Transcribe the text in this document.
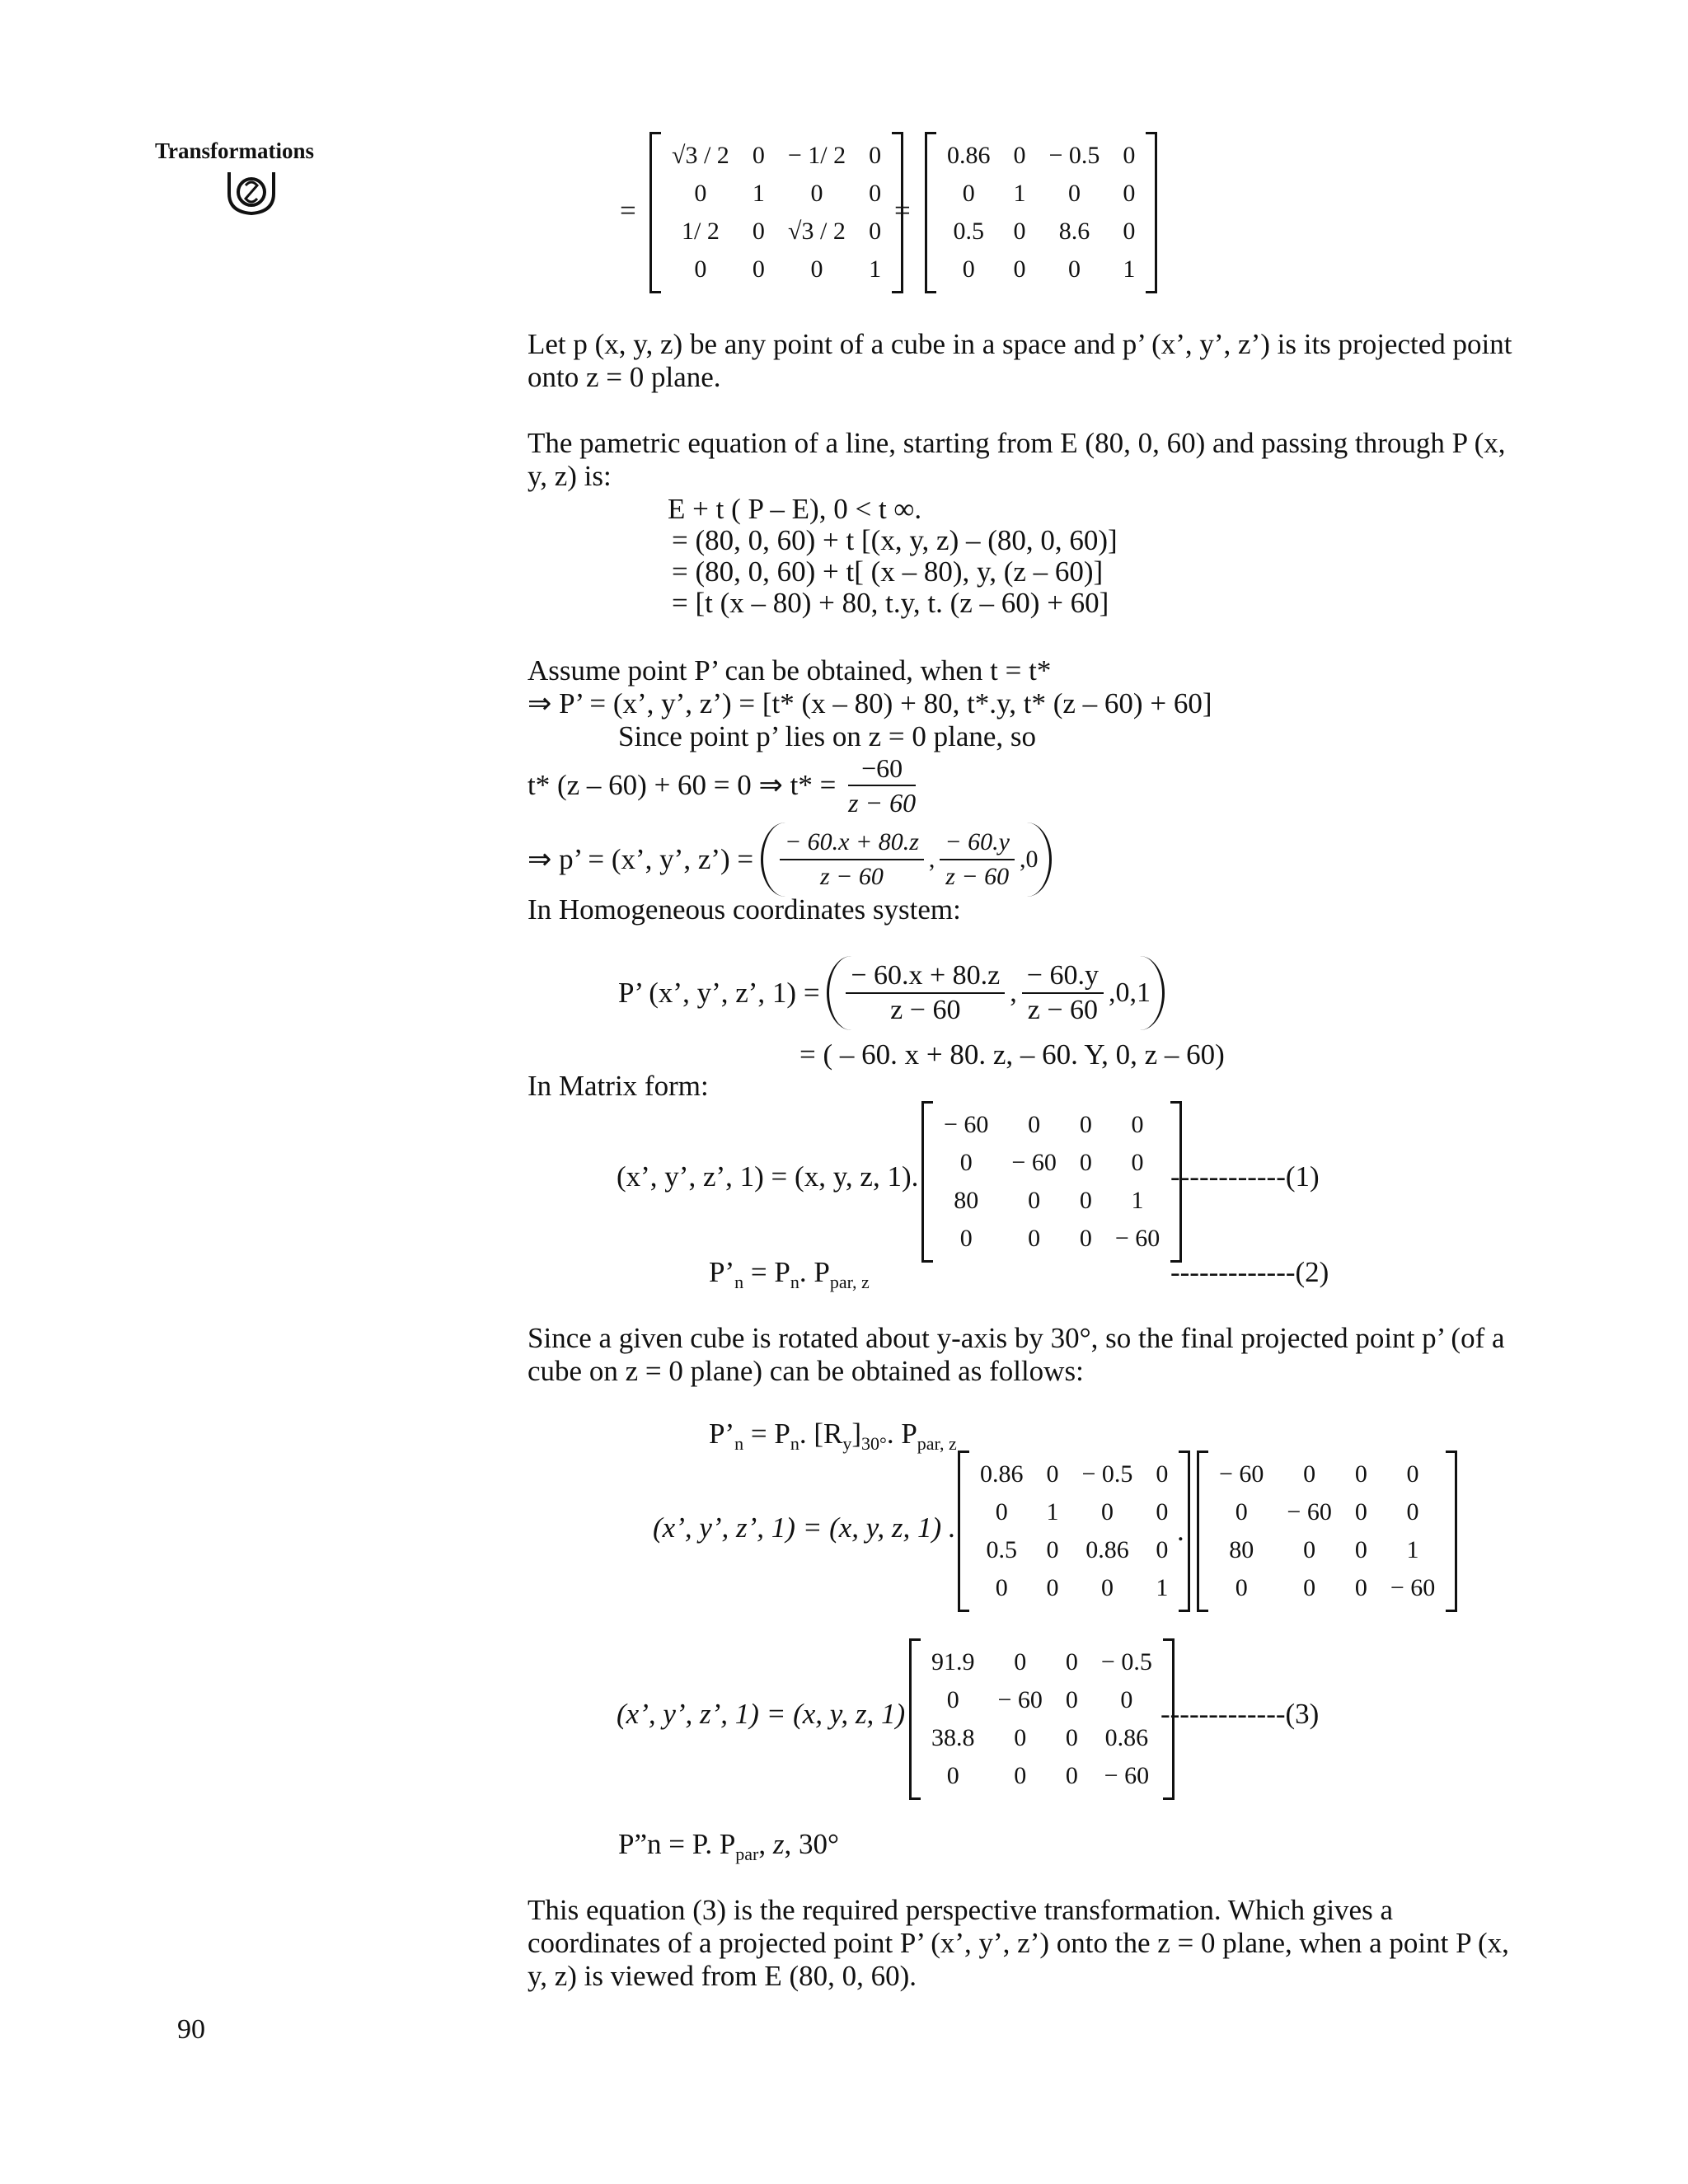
Transformations
=
√3 / 2	0	− 1/ 2	0
0	1	0	0
1/ 2	0	√3 / 2	0
0	0	0	1
=
0.86	0	− 0.5	0
0	1	0	0
0.5	0	8.6	0
0	0	0	1
Let p (x, y, z) be any point of a cube in a space and p’ (x’, y’, z’) is its projected point
onto z = 0 plane.
The pametric equation of a line, starting from E (80, 0, 60) and passing through P (x,
y, z) is:
E + t ( P – E), 0 < t ∞.
= (80, 0, 60) + t [(x, y, z) – (80, 0, 60)]
= (80, 0, 60) + t[ (x – 80), y, (z – 60)]
= [t (x – 80) + 80, t.y, t. (z – 60) + 60]
Assume point P’ can be obtained, when t = t*
⇒ P’ = (x’, y’, z’) = [t* (x – 80) + 80, t*.y, t* (z – 60) + 60]
Since point p’ lies on z = 0 plane, so
t* (z – 60) + 60 = 0 ⇒ $t* = \frac{-60}{z - 60}$
⇒ p’ = (x’, y’, z’) = $\frac{- 60.x + 80.z}{z - 60}$ , $\frac{- 60.y}{z - 60} ,0$
In Homogeneous coordinates system:
P’ (x’, y’, z’, $1) = \frac{- 60.x + 80.z}{z - 60}$ , $\frac{- 60.y}{z - 60} ,0,1$
= ( – 60. x + 80. z, – 60. Y, 0, z – 60)
In Matrix form:
(x’, y’, z’, 1) = (x, y, z, 1).
− 60	0	0	0
0	− 60	0	0
80	0	0	1
0	0	0	− 60
------------(1)
$P’_n = P_n$. $P_{par, z}$	-------------(2)
Since a given cube is rotated about y-axis by 30°, so the final projected point p’ (of a
cube on z = 0 plane) can be obtained as follows:
$P’_n = P_n$. $[R_y]_{30^\circ}$. $P_{par, z}$
(x’, y’, z’, 1) = (x, y, z, 1) .
0.86	0	− 0.5	0
0	1	0	0
0.5	0	0.86	0
0	0	0	1
.
− 60	0	0	0
0	− 60	0	0
80	0	0	1
0	0	0	− 60
(x’, y’, z’, 1) = (x, y, z, 1)
91.9	0	0	− 0.5
0	− 60	0	0
38.8	0	0	0.86
0	0	0	− 60
-------------(3)
P”n = P. $P_{par}$, z, 30°
This equation (3) is the required perspective transformation. Which gives a
coordinates of a projected point P’ (x’, y’, z’) onto the z = 0 plane, when a point P (x,
y, z) is viewed from E (80, 0, 60).
90
